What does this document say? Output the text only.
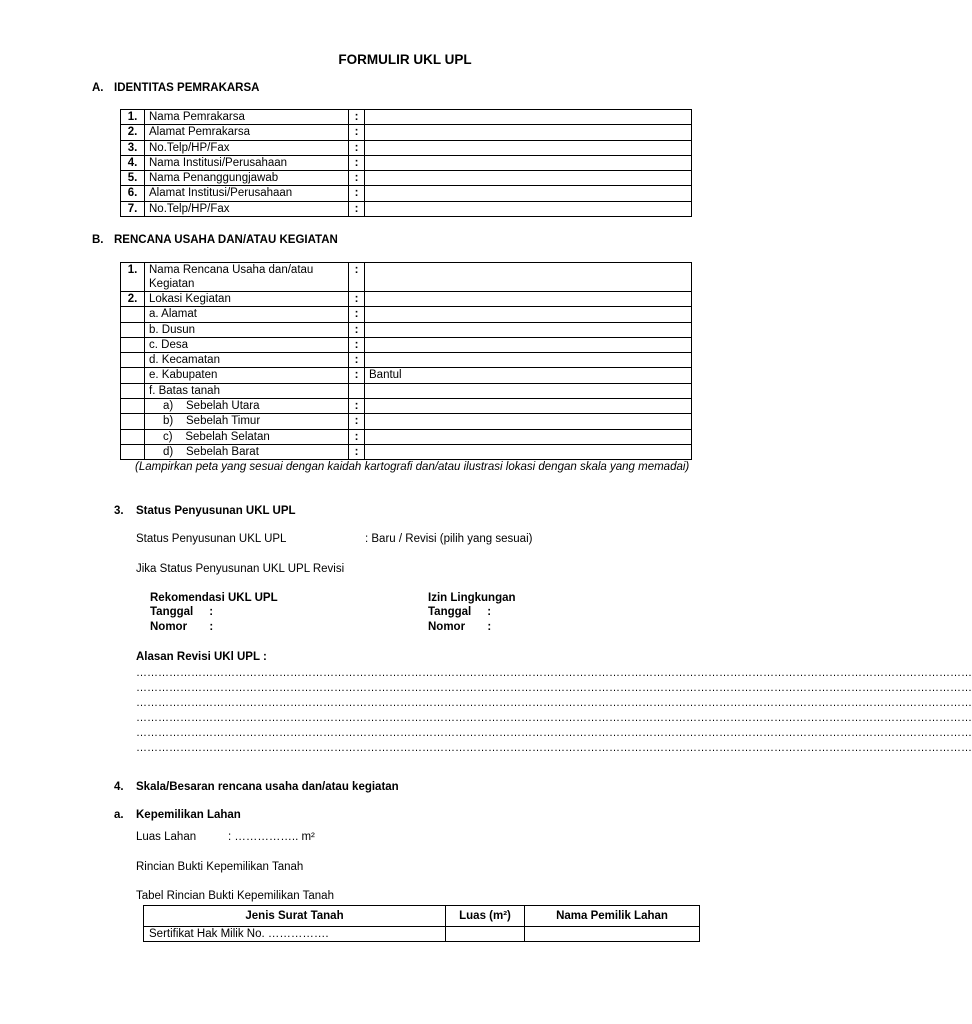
FORMULIR UKL UPL
A. IDENTITAS PEMRAKARSA
1.	Nama Pemrakarsa	:	
2.	Alamat Pemrakarsa	:	
3.	No.Telp/HP/Fax	:	
4.	Nama Institusi/Perusahaan	:	
5.	Nama Penanggungjawab	:	
6.	Alamat Institusi/Perusahaan	:	
7.	No.Telp/HP/Fax	:	
B. RENCANA USAHA DAN/ATAU KEGIATAN
1.	Nama Rencana Usaha dan/atau Kegiatan	:	
2.	Lokasi Kegiatan	:	
	a. Alamat	:	
	b. Dusun	:	
	c. Desa	:	
	d. Kecamatan	:	
	e. Kabupaten	:	Bantul
	f. Batas tanah		
	a)    Sebelah Utara	:	
	b)    Sebelah Timur	:	
	c)    Sebelah Selatan	:	
	d)    Sebelah Barat	:	
(Lampirkan peta yang sesuai dengan kaidah kartografi dan/atau ilustrasi lokasi dengan skala yang memadai)
3. Status Penyusunan UKL UPL
Status Penyusunan UKL UPL	: Baru / Revisi (pilih yang sesuai)
Jika Status Penyusunan UKL UPL Revisi
Rekomendasi UKL UPL
Tanggal     :
Nomor       :
Izin Lingkungan
Tanggal     :
Nomor       :
Alasan Revisi UKl UPL :
…………………………………………………………………………………………………………………………………………………………………………………………………………
…………………………………………………………………………………………………………………………………………………………………………………………………………
…………………………………………………………………………………………………………………………………………………………………………………………………………
…………………………………………………………………………………………………………………………………………………………………………………………………………
…………………………………………………………………………………………………………………………………………………………………………………………………………
…………………………………………………………………………………………………………………………………………………………………………………………………………
4. Skala/Besaran rencana usaha dan/atau kegiatan
a. Kepemilikan Lahan
Luas Lahan	: …………….. m²
Rincian Bukti Kepemilikan Tanah
Tabel Rincian Bukti Kepemilikan Tanah
Jenis Surat Tanah	Luas (m²)	Nama Pemilik Lahan
Sertifikat Hak Milik No. …………….		
